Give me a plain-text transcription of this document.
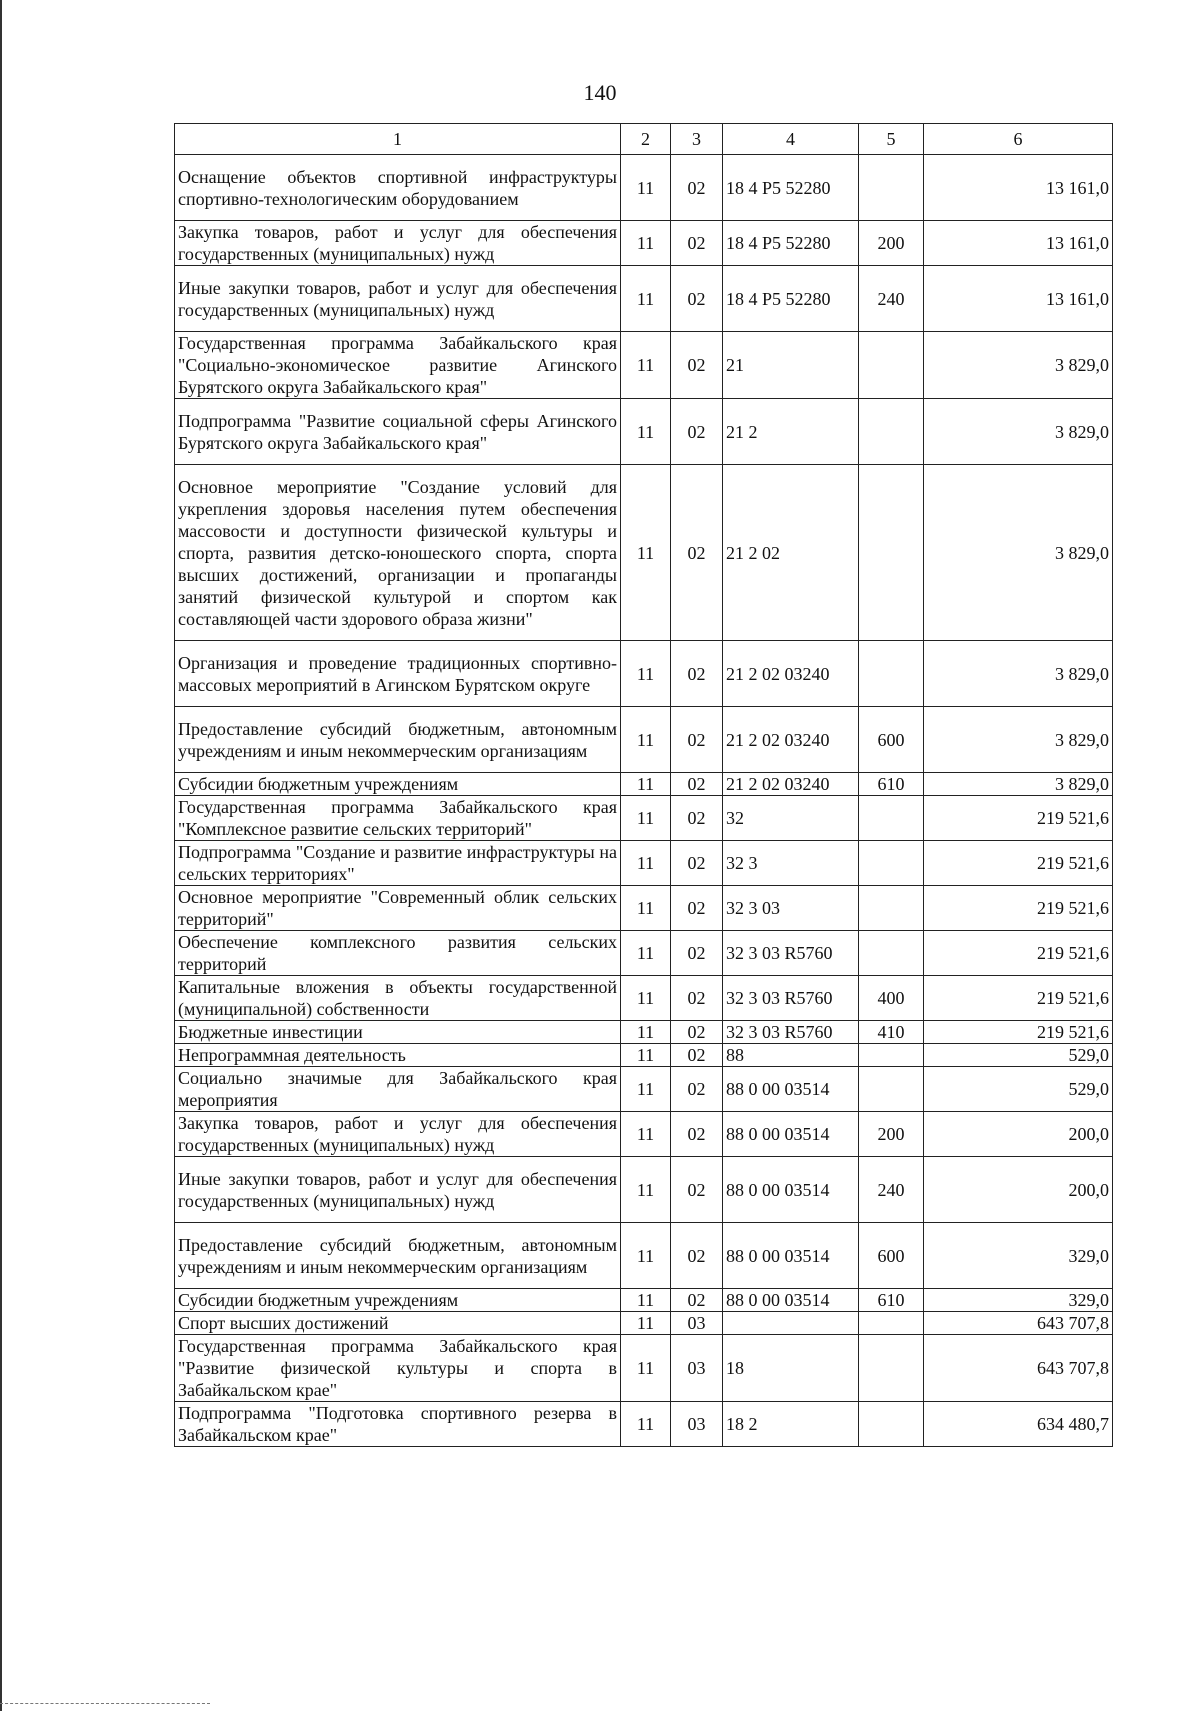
140
1	2	3	4	5	6
Оснащение объектов спортивной инфраструктуры спортивно-технологическим оборудованием	11	02	18 4 P5 52280		13 161,0
Закупка товаров, работ и услуг для обеспечения государственных (муниципальных) нужд	11	02	18 4 P5 52280	200	13 161,0
Иные закупки товаров, работ и услуг для обеспечения государственных (муниципальных) нужд	11	02	18 4 P5 52280	240	13 161,0
Государственная программа Забайкальского края "Социально-экономическое развитие Агинского Бурятского округа Забайкальского края"	11	02	21		3 829,0
Подпрограмма "Развитие социальной сферы Агинского Бурятского округа Забайкальского края"	11	02	21 2		3 829,0
Основное мероприятие "Создание условий для укрепления здоровья населения путем обеспечения массовости и доступности физической культуры и спорта, развития детско-юношеского спорта, спорта высших достижений, организации и пропаганды занятий физической культурой и спортом как составляющей части здорового образа жизни"	11	02	21 2 02		3 829,0
Организация и проведение традиционных спортивно-массовых мероприятий в Агинском Бурятском округе	11	02	21 2 02 03240		3 829,0
Предоставление субсидий бюджетным, автономным учреждениям и иным некоммерческим организациям	11	02	21 2 02 03240	600	3 829,0
Субсидии бюджетным учреждениям	11	02	21 2 02 03240	610	3 829,0
Государственная программа Забайкальского края "Комплексное развитие сельских территорий"	11	02	32		219 521,6
Подпрограмма "Создание и развитие инфраструктуры на сельских территориях"	11	02	32 3		219 521,6
Основное мероприятие "Современный облик сельских территорий"	11	02	32 3 03		219 521,6
Обеспечение комплексного развития сельских территорий	11	02	32 3 03 R5760		219 521,6
Капитальные вложения в объекты государственной (муниципальной) собственности	11	02	32 3 03 R5760	400	219 521,6
Бюджетные инвестиции	11	02	32 3 03 R5760	410	219 521,6
Непрограммная деятельность	11	02	88		529,0
Социально значимые для Забайкальского края мероприятия	11	02	88 0 00 03514		529,0
Закупка товаров, работ и услуг для обеспечения государственных (муниципальных) нужд	11	02	88 0 00 03514	200	200,0
Иные закупки товаров, работ и услуг для обеспечения государственных (муниципальных) нужд	11	02	88 0 00 03514	240	200,0
Предоставление субсидий бюджетным, автономным учреждениям и иным некоммерческим организациям	11	02	88 0 00 03514	600	329,0
Субсидии бюджетным учреждениям	11	02	88 0 00 03514	610	329,0
Спорт высших достижений	11	03			643 707,8
Государственная программа Забайкальского края "Развитие физической культуры и спорта в Забайкальском крае"	11	03	18		643 707,8
Подпрограмма "Подготовка спортивного резерва в Забайкальском крае"	11	03	18 2		634 480,7
